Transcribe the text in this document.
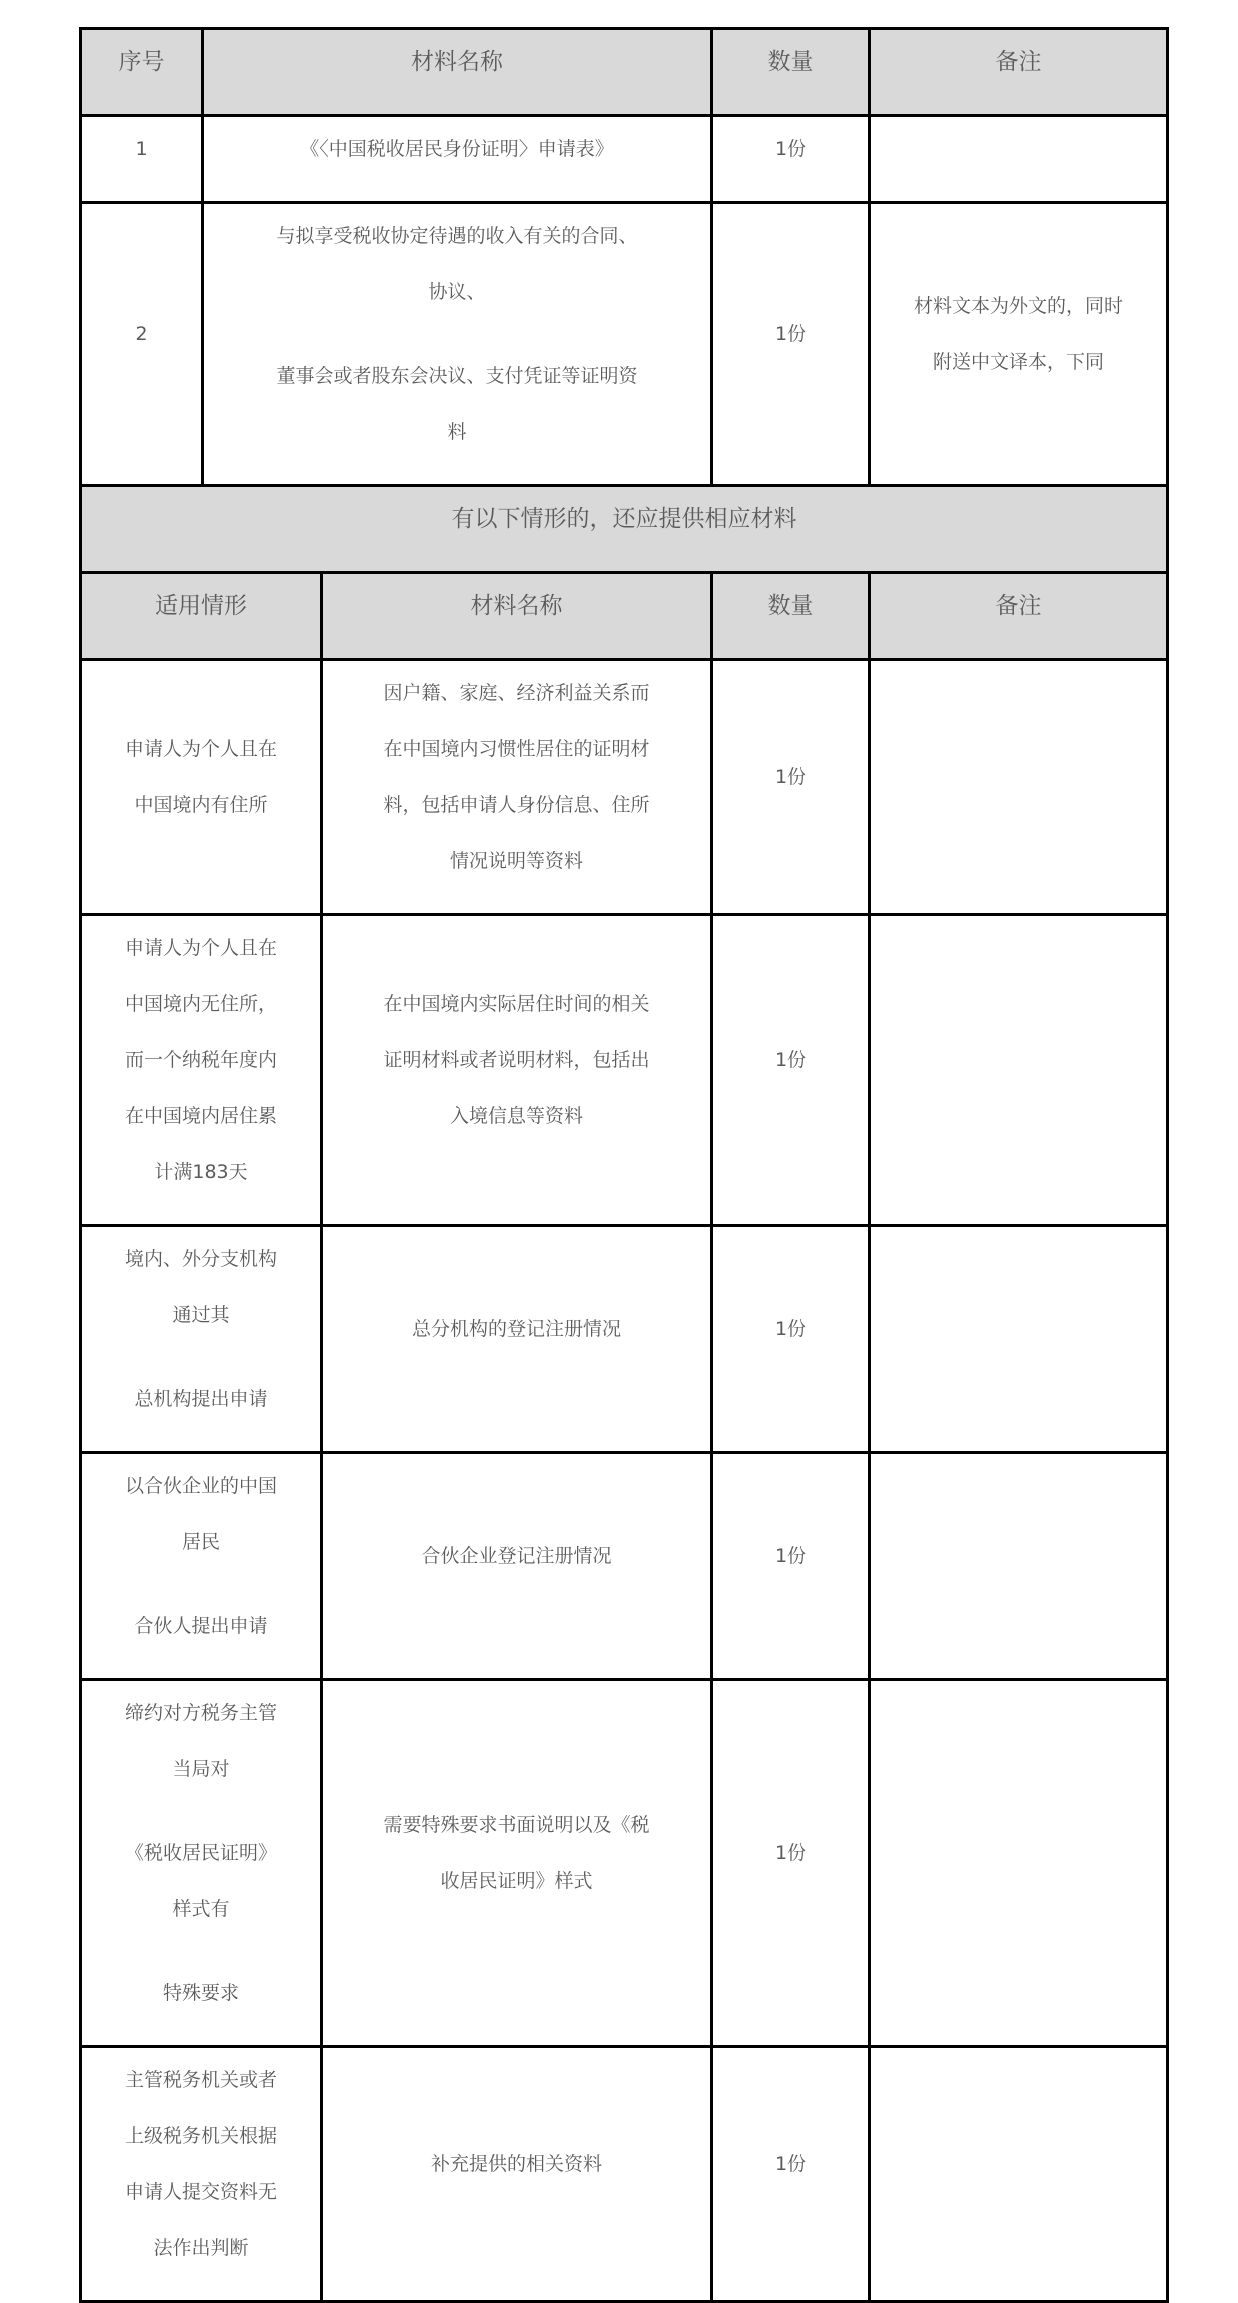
序号	材料名称		数量	备注
1	《〈中国税收居民身份证明〉申请表》		1份	
2	与拟享受税收协定待遇的收入有关的合同、
协议、
董事会或者股东会决议、支付凭证等证明资
料		1份	材料文本为外文的，同时
附送中文译本，下同

有以下情形的，还应提供相应材料				
适用情形		材料名称	数量	备注

申请人为个人且在
中国境内有住所		因户籍、家庭、经济利益关系而
在中国境内习惯性居住的证明材
料，包括申请人身份信息、住所
情况说明等资料	1份	

申请人为个人且在
中国境内无住所，
而一个纳税年度内
在中国境内居住累
计满183天		在中国境内实际居住时间的相关
证明材料或者说明材料，包括出
入境信息等资料	1份	

境内、外分支机构
通过其
总机构提出申请		总分机构的登记注册情况	1份	

以合伙企业的中国
居民
合伙人提出申请		合伙企业登记注册情况	1份	

缔约对方税务主管
当局对
《税收居民证明》
样式有
特殊要求		需要特殊要求书面说明以及《税
收居民证明》样式	1份	

主管税务机关或者
上级税务机关根据
申请人提交资料无
法作出判断		补充提供的相关资料	1份	
